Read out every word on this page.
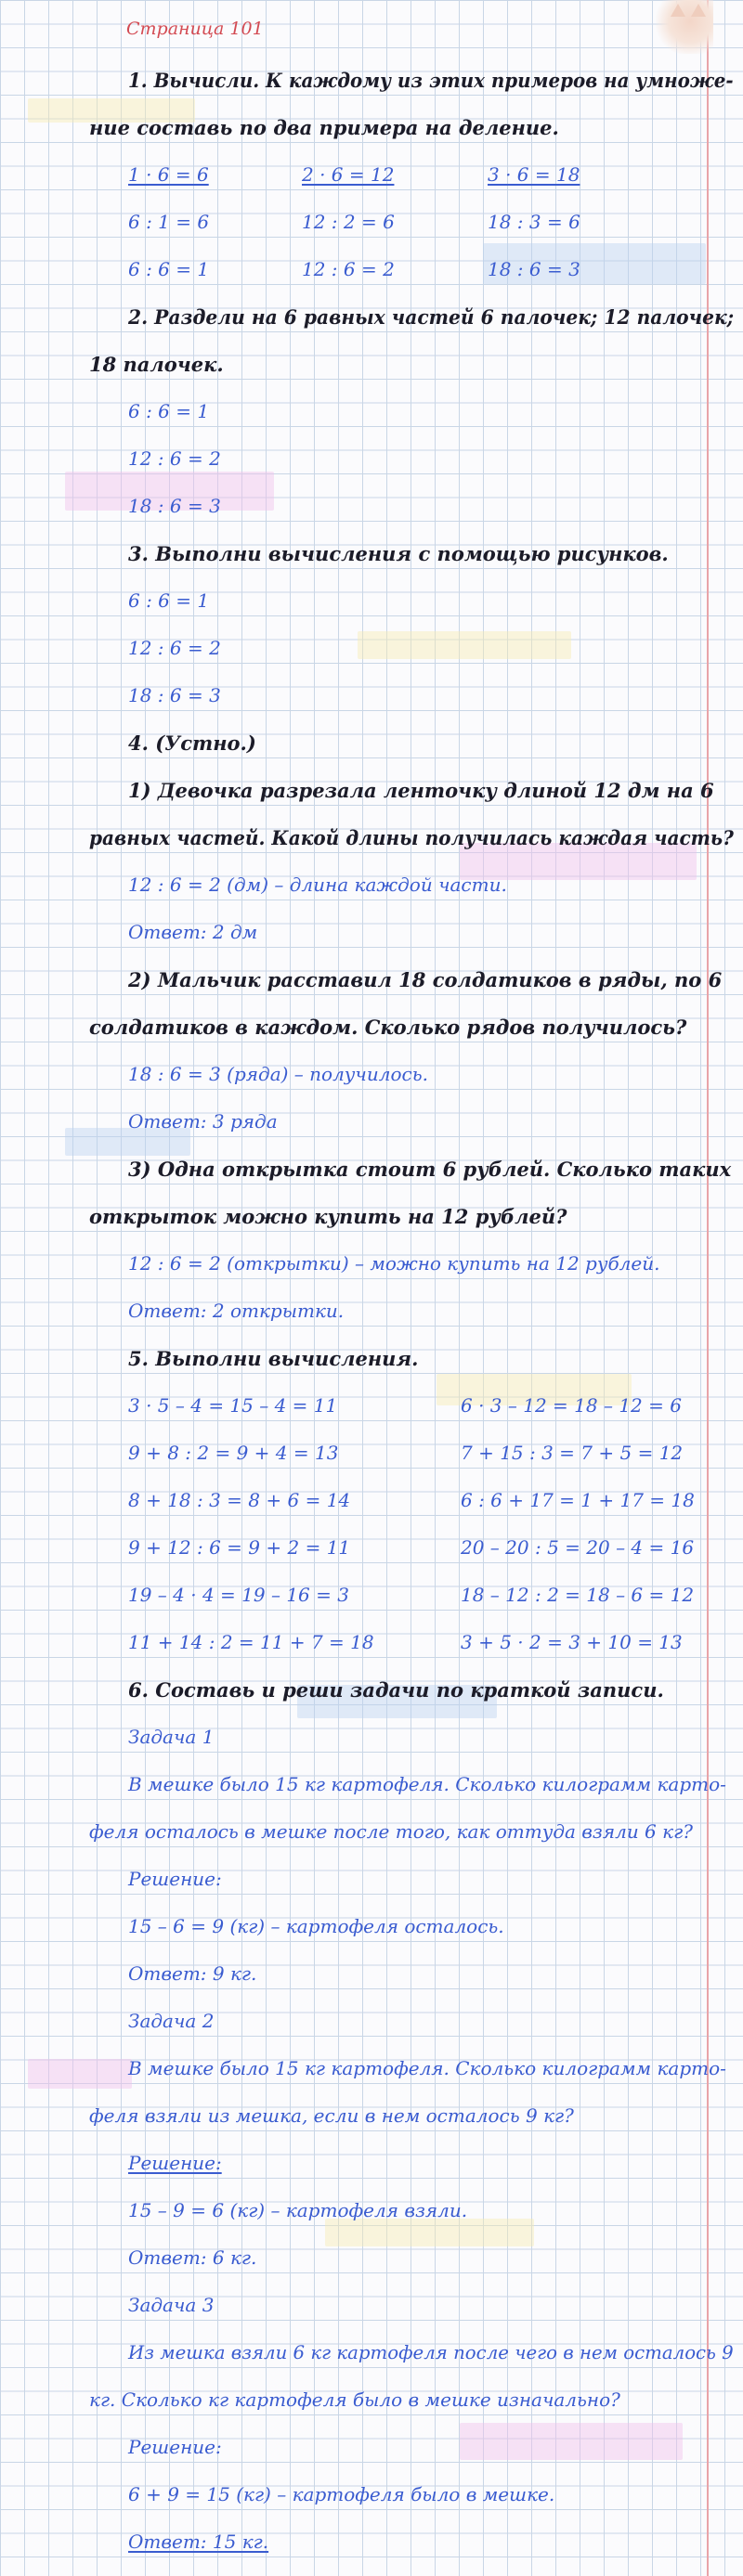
Страница 101
1. Вычисли. К каждому из этих примеров на умноже-
ние составь по два примера на деление.
1 · 6 = 6
6 : 1 = 6
6 : 6 = 1
2 · 6 = 12
12 : 2 = 6
12 : 6 = 2
3 · 6 = 18
18 : 3 = 6
18 : 6 = 3
2. Раздели на 6 равных частей 6 палочек; 12 палочек;
18 палочек.
6 : 6 = 1
12 : 6 = 2
18 : 6 = 3
3. Выполни вычисления с помощью рисунков.
6 : 6 = 1
12 : 6 = 2
18 : 6 = 3
4. (Устно.)
1) Девочка разрезала ленточку длиной 12 дм на 6
равных частей. Какой длины получилась каждая часть?
12 : 6 = 2 (дм) – длина каждой части.
Ответ: 2 дм
2) Мальчик расставил 18 солдатиков в ряды, по 6
солдатиков в каждом. Сколько рядов получилось?
18 : 6 = 3 (ряда) – получилось.
Ответ: 3 ряда
3) Одна открытка стоит 6 рублей. Сколько таких
открыток можно купить на 12 рублей?
12 : 6 = 2 (открытки) – можно купить на 12 рублей.
Ответ: 2 открытки.
5. Выполни вычисления.
3 · 5 – 4 = 15 – 4 = 11
9 + 8 : 2 = 9 + 4 = 13
8 + 18 : 3 = 8 + 6 = 14
9 + 12 : 6 = 9 + 2 = 11
19 – 4 · 4 = 19 – 16 = 3
11 + 14 : 2 = 11 + 7 = 18
6 · 3 – 12 = 18 – 12 = 6
7 + 15 : 3 = 7 + 5 = 12
6 : 6 + 17 = 1 + 17 = 18
20 – 20 : 5 = 20 – 4 = 16
18 – 12 : 2 = 18 – 6 = 12
3 + 5 · 2 = 3 + 10 = 13
6. Составь и реши задачи по краткой записи.
Задача 1
В мешке было 15 кг картофеля. Сколько килограмм карто-
феля осталось в мешке после того, как оттуда взяли 6 кг?
Решение:
15 – 6 = 9 (кг) – картофеля осталось.
Ответ: 9 кг.
Задача 2
В мешке было 15 кг картофеля. Сколько килограмм карто-
феля взяли из мешка, если в нем осталось 9 кг?
Решение:
15 – 9 = 6 (кг) – картофеля взяли.
Ответ: 6 кг.
Задача 3
Из мешка взяли 6 кг картофеля после чего в нем осталось 9
кг. Сколько кг картофеля было в мешке изначально?
Решение:
6 + 9 = 15 (кг) – картофеля было в мешке.
Ответ: 15 кг.
